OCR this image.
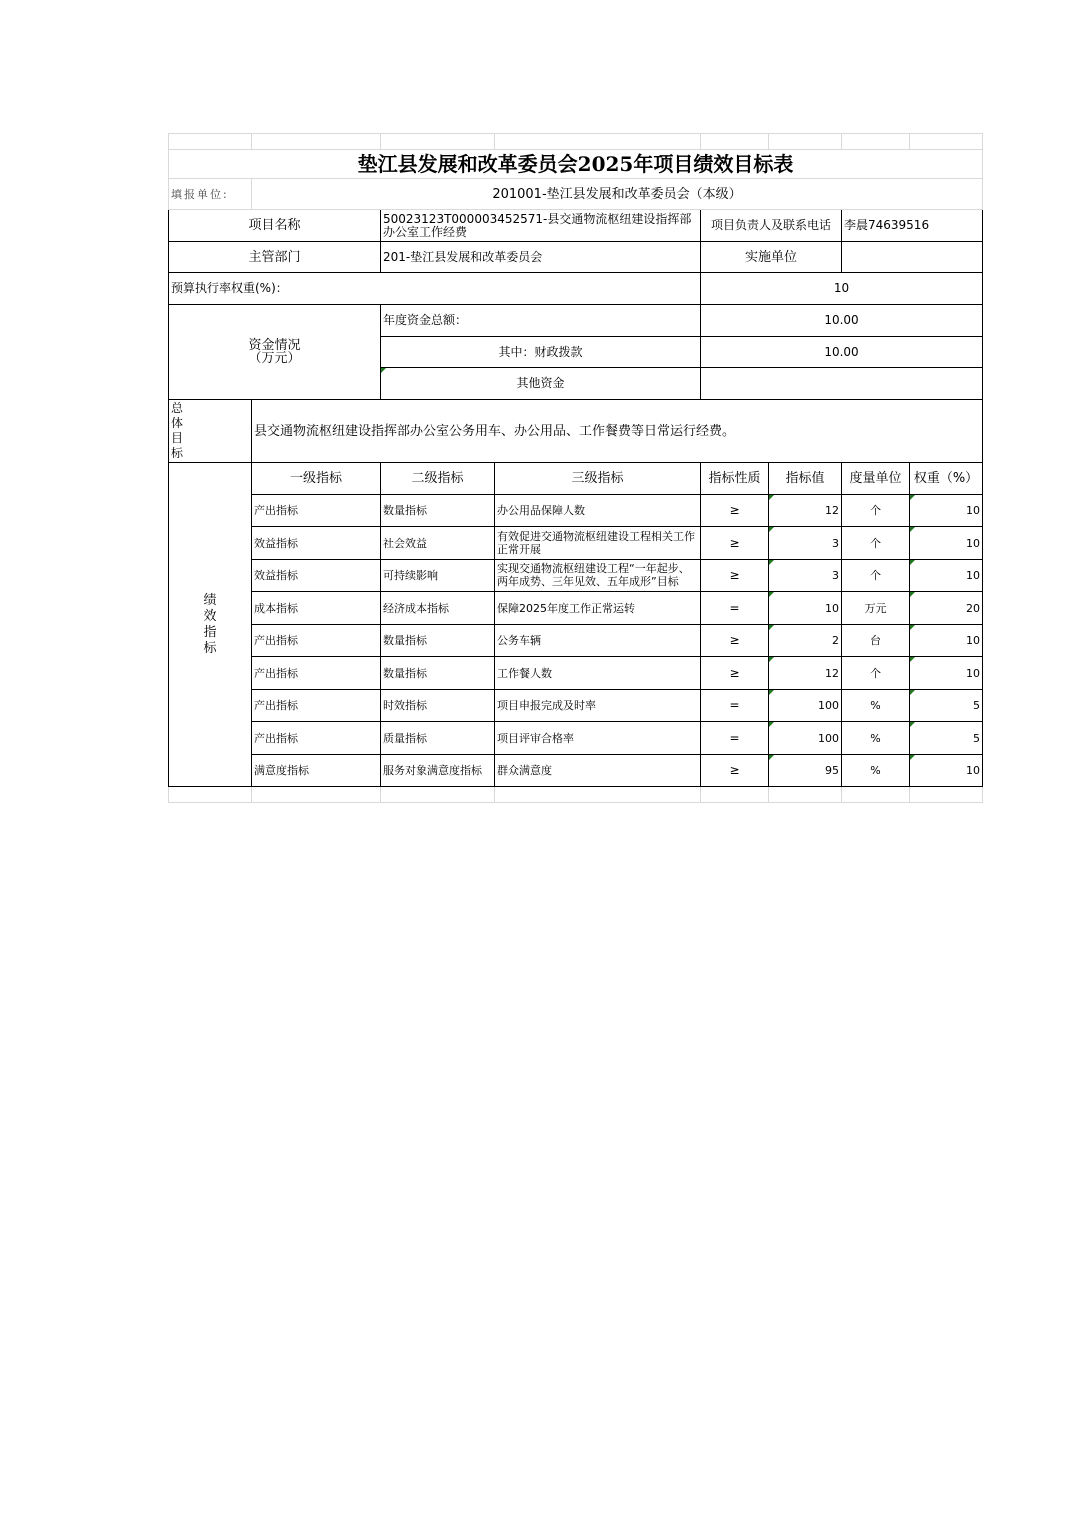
垫江县发展和改革委员会2025年项目绩效目标表							
填报单位:	201001-垫江县发展和改革委员会（本级）						
项目名称		50023123T000003452571-县交通物流枢纽建设指挥部办公室工作经费		项目负责人及联系电话		李晨74639516	
主管部门		201-垫江县发展和改革委员会		实施单位			
预算执行率权重(%)：				10			

资金情况
（万元）		年度资金总额：		10.00			
		其中：财政拨款		10.00			
		其他资金					

总
体
目
标	县交通物流枢纽建设指挥部办公室公务用车、办公用品、工作餐费等日常运行经费。						

绩
效
指
标	一级指标	二级指标	三级指标	指标性质	指标值	度量单位	权重（%）
	产出指标	数量指标	办公用品保障人数	≥	12	个	10
	效益指标	社会效益	有效促进交通物流枢纽建设工程相关工作正常开展	≥	3	个	10
	效益指标	可持续影响	实现交通物流枢纽建设工程“一年起步、两年成势、三年见效、五年成形”目标	≥	3	个	10
	成本指标	经济成本指标	保障2025年度工作正常运转	=	10	万元	20
	产出指标	数量指标	公务车辆	≥	2	台	10
	产出指标	数量指标	工作餐人数	≥	12	个	10
	产出指标	时效指标	项目申报完成及时率	=	100	%	5
	产出指标	质量指标	项目评审合格率	=	100	%	5
	满意度指标	服务对象满意度指标	群众满意度	≥	95	%	10
